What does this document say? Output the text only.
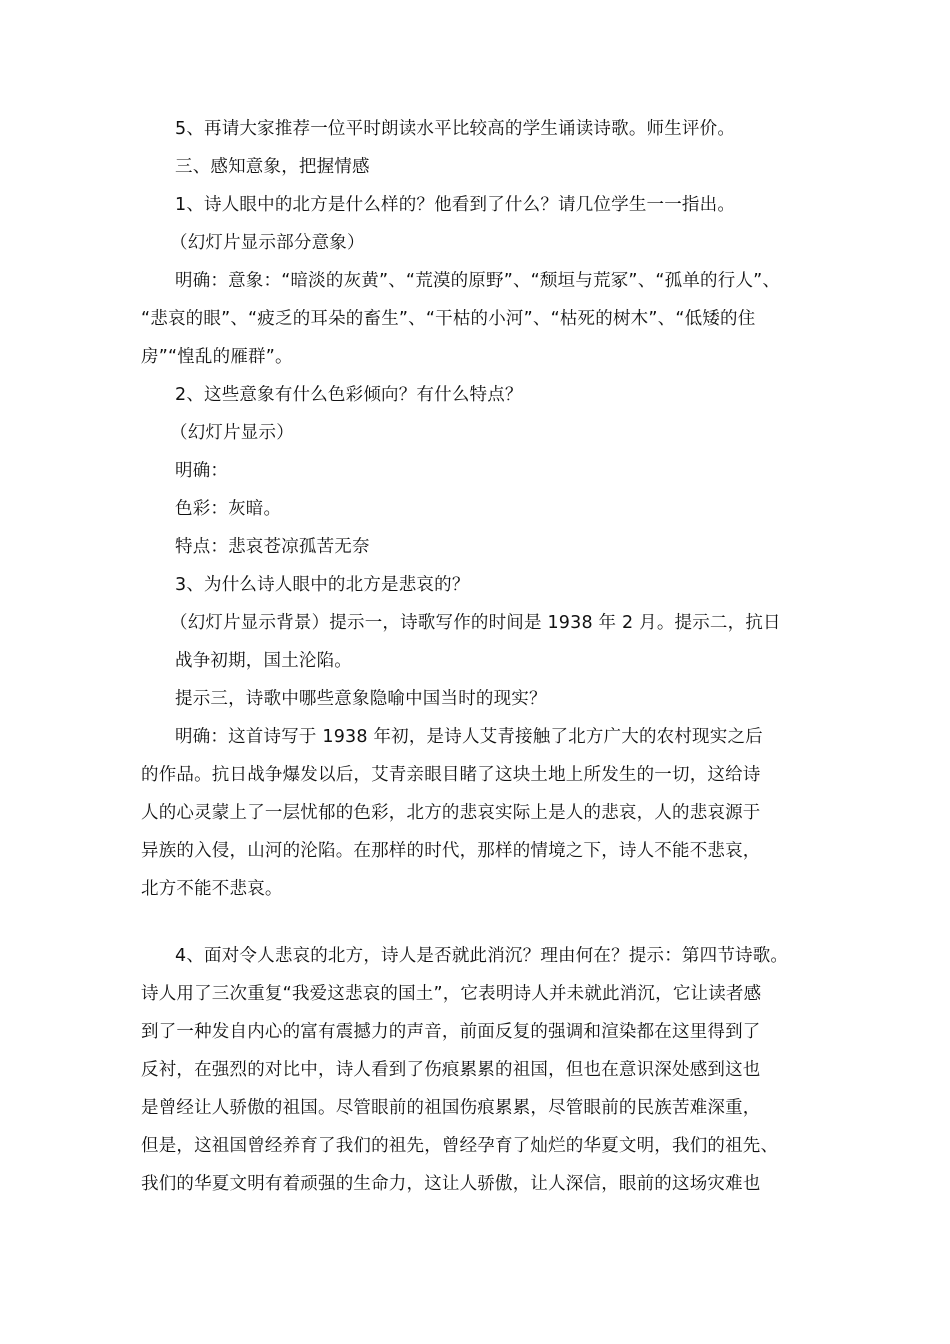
5、再请大家推荐一位平时朗读水平比较高的学生诵读诗歌。师生评价。
三、感知意象，把握情感
1、诗人眼中的北方是什么样的？他看到了什么？请几位学生一一指出。
（幻灯片显示部分意象）
明确：意象：“暗淡的灰黄”、“荒漠的原野”、“颓垣与荒冢”、“孤单的行人”、
“悲哀的眼”、“疲乏的耳朵的畜生”、“干枯的小河”、“枯死的树木”、“低矮的住
房”“惶乱的雁群”。
2、这些意象有什么色彩倾向？有什么特点？
（幻灯片显示）
明确：
色彩：灰暗。
特点：悲哀苍凉孤苦无奈
3、为什么诗人眼中的北方是悲哀的？
（幻灯片显示背景）提示一，诗歌写作的时间是 1938 年 2 月。提示二，抗日
战争初期，国土沦陷。
提示三，诗歌中哪些意象隐喻中国当时的现实？
明确：这首诗写于 1938 年初，是诗人艾青接触了北方广大的农村现实之后
的作品。抗日战争爆发以后，艾青亲眼目睹了这块土地上所发生的一切，这给诗
人的心灵蒙上了一层忧郁的色彩，北方的悲哀实际上是人的悲哀，人的悲哀源于
异族的入侵，山河的沦陷。在那样的时代，那样的情境之下，诗人不能不悲哀，
北方不能不悲哀。
4、面对令人悲哀的北方，诗人是否就此消沉？理由何在？提示：第四节诗歌。
诗人用了三次重复“我爱这悲哀的国土”，它表明诗人并未就此消沉，它让读者感
到了一种发自内心的富有震撼力的声音，前面反复的强调和渲染都在这里得到了
反衬，在强烈的对比中，诗人看到了伤痕累累的祖国，但也在意识深处感到这也
是曾经让人骄傲的祖国。尽管眼前的祖国伤痕累累，尽管眼前的民族苦难深重，
但是，这祖国曾经养育了我们的祖先，曾经孕育了灿烂的华夏文明，我们的祖先、
我们的华夏文明有着顽强的生命力，这让人骄傲，让人深信，眼前的这场灾难也
